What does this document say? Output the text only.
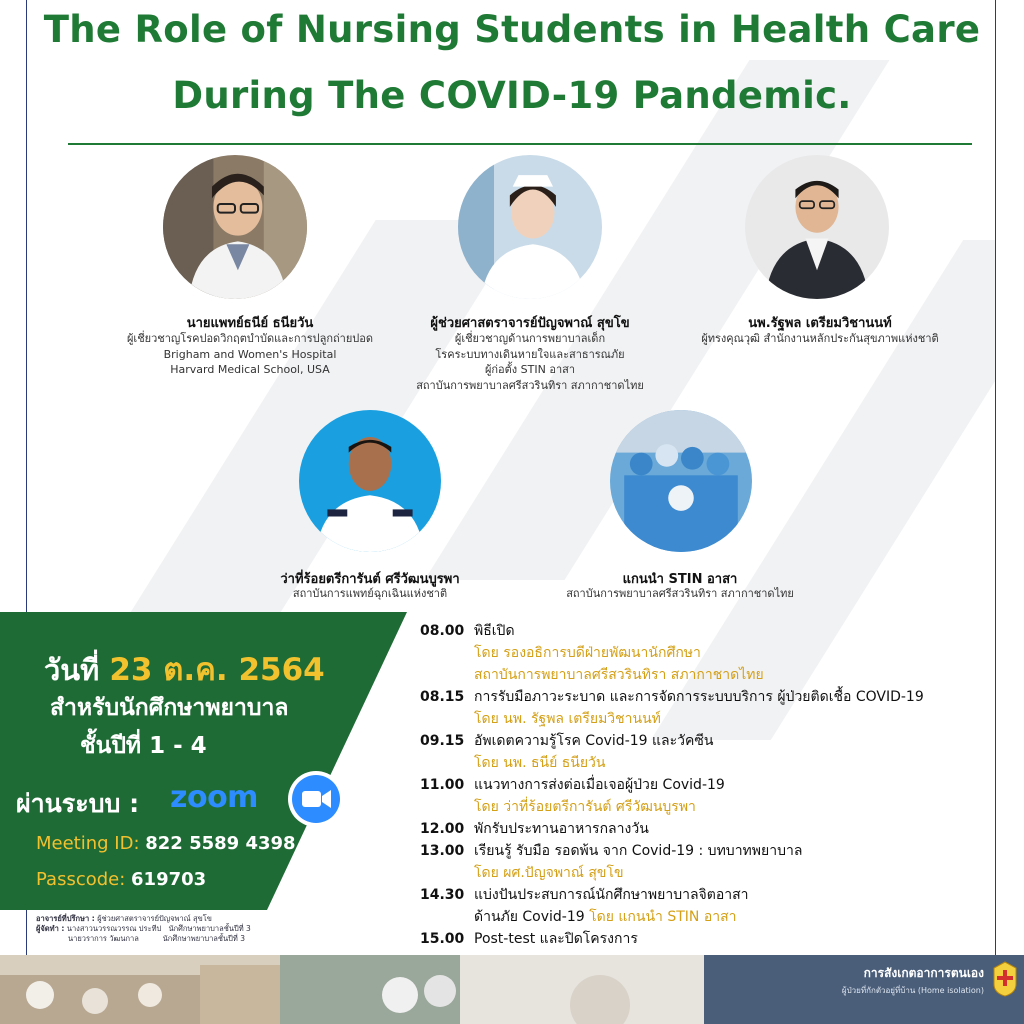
The Role of Nursing Students in Health Care
During The COVID-19 Pandemic.
นายแพทย์ธนีย์ ธนียวัน
ผู้เชี่ยวชาญโรคปอดวิกฤตบำบัดและการปลูกถ่ายปอด
Brigham and Women's Hospital
Harvard Medical School, USA
ผู้ช่วยศาสตราจารย์ปัญจพาณ์ สุขโข
ผู้เชี่ยวชาญด้านการพยาบาลเด็ก
โรคระบบทางเดินหายใจและสาธารณภัย
ผู้ก่อตั้ง STIN อาสา
สถาบันการพยาบาลศรีสวรินทิรา สภากาชาดไทย
นพ.รัฐพล เตรียมวิชานนท์
ผู้ทรงคุณวุฒิ สำนักงานหลักประกันสุขภาพแห่งชาติ
ว่าที่ร้อยตรีการันต์ ศรีวัฒนบูรพา
สถาบันการแพทย์ฉุกเฉินแห่งชาติ
แกนนำ STIN อาสา
สถาบันการพยาบาลศรีสวรินทิรา สภากาชาดไทย
วันที่ 23 ต.ค. 2564
สำหรับนักศึกษาพยาบาล
ชั้นปีที่ 1 - 4
ผ่านระบบ : zoom
Meeting ID: 822 5589 4398
Passcode: 619703
อาจารย์ที่ปรึกษา : ผู้ช่วยศาสตราจารย์ปัญจพาณ์ สุขโข
ผู้จัดทำ : นางสาวนวรรณวรรณ ประทีป นักศึกษาพยาบาลชั้นปีที่ 3
นายวราการ วัฒนกาล	นักศึกษาพยาบาลชั้นปีที่ 3
08.00 พิธีเปิด
โดย รองอธิการบดีฝ่ายพัฒนานักศึกษา
สถาบันการพยาบาลศรีสวรินทิรา สภากาชาดไทย
08.15 การรับมือภาวะระบาด และการจัดการระบบบริการ ผู้ป่วยติดเชื้อ COVID-19
โดย นพ. รัฐพล เตรียมวิชานนท์
09.15 อัพเดตความรู้โรค Covid-19 และวัคซีน
โดย นพ. ธนีย์ ธนียวัน
11.00 แนวทางการส่งต่อเมื่อเจอผู้ป่วย Covid-19
โดย ว่าที่ร้อยตรีการันต์ ศรีวัฒนบูรพา
12.00 พักรับประทานอาหารกลางวัน
13.00 เรียนรู้ รับมือ รอดพ้น จาก Covid-19 : บทบาทพยาบาล
โดย ผศ.ปัญจพาณ์ สุขโข
14.30 แบ่งปันประสบการณ์นักศึกษาพยาบาลจิตอาสา
ด้านภัย Covid-19 โดย แกนนำ STIN อาสา
15.00 Post-test และปิดโครงการ
การสังเกตอาการตนเอง
ผู้ป่วยที่กักตัวอยู่ที่บ้าน (Home isolation)
